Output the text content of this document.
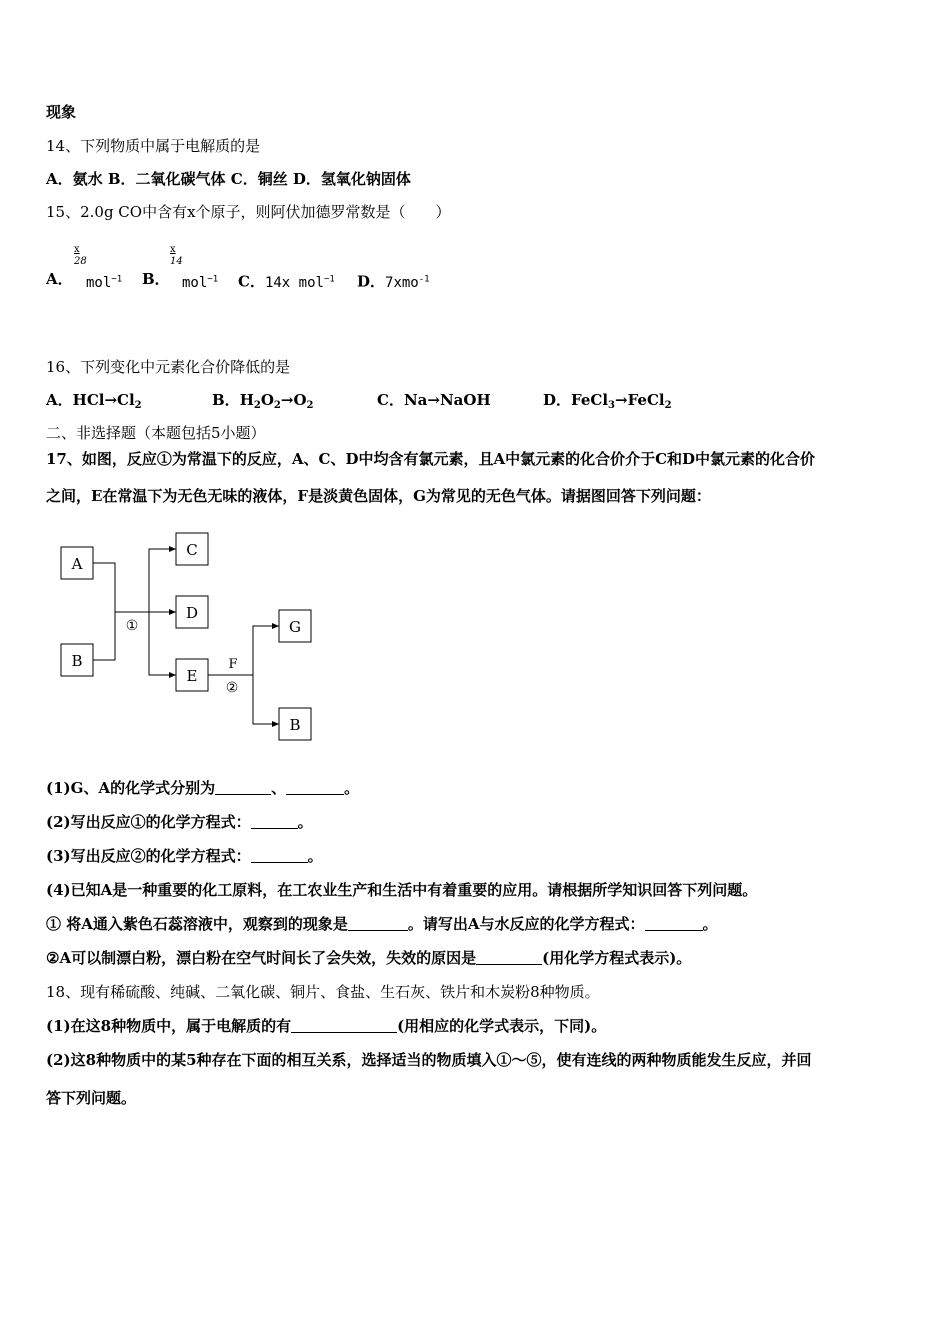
现象
14、下列物质中属于电解质的是
A．氨水 B．二氧化碳气体 C．铜丝 D．氢氧化钠固体
15、2.0g CO中含有x个原子，则阿伏加德罗常数是（　　）
A．
$\frac{x}{28}$
mol$^{-1}$ B．
$\frac{x}{14}$
mol$^{-1}$ C．14x mol$^{-1}$ D．7xmo$^{-1}$
16、下列变化中元素化合价降低的是
A．$HCl\to Cl_2$	B．$H_2O_2\to O_2$	C．Na→NaOH	D．FeCl$_3$→FeCl$_2$
二、非选择题（本题包括5小题）
17、如图，反应①为常温下的反应，A、C、D中均含有氯元素，且A中氯元素的化合价介于C和D中氯元素的化合价
之间，E在常温下为无色无味的液体，F是淡黄色固体，G为常见的无色气体。请据图回答下列问题：
A
B
C
D
E
G
B
①
F
②
(1)G、A的化学式分别为	、	。
(2)写出反应①的化学方程式：	。
(3)写出反应②的化学方程式：	。
(4)已知A是一种重要的化工原料，在工农业生产和生活中有着重要的应用。请根据所学知识回答下列问题。
① 将A通入紫色石蕊溶液中，观察到的现象是	。请写出A与水反应的化学方程式：	。
②A可以制漂白粉，漂白粉在空气时间长了会失效，失效的原因是	(用化学方程式表示)。
18、现有稀硫酸、纯碱、二氧化碳、铜片、食盐、生石灰、铁片和木炭粉8种物质。
(1)在这8种物质中，属于电解质的有	(用相应的化学式表示，下同)。
(2)这8种物质中的某5种存在下面的相互关系，选择适当的物质填入①～⑤，使有连线的两种物质能发生反应，并回
答下列问题。
